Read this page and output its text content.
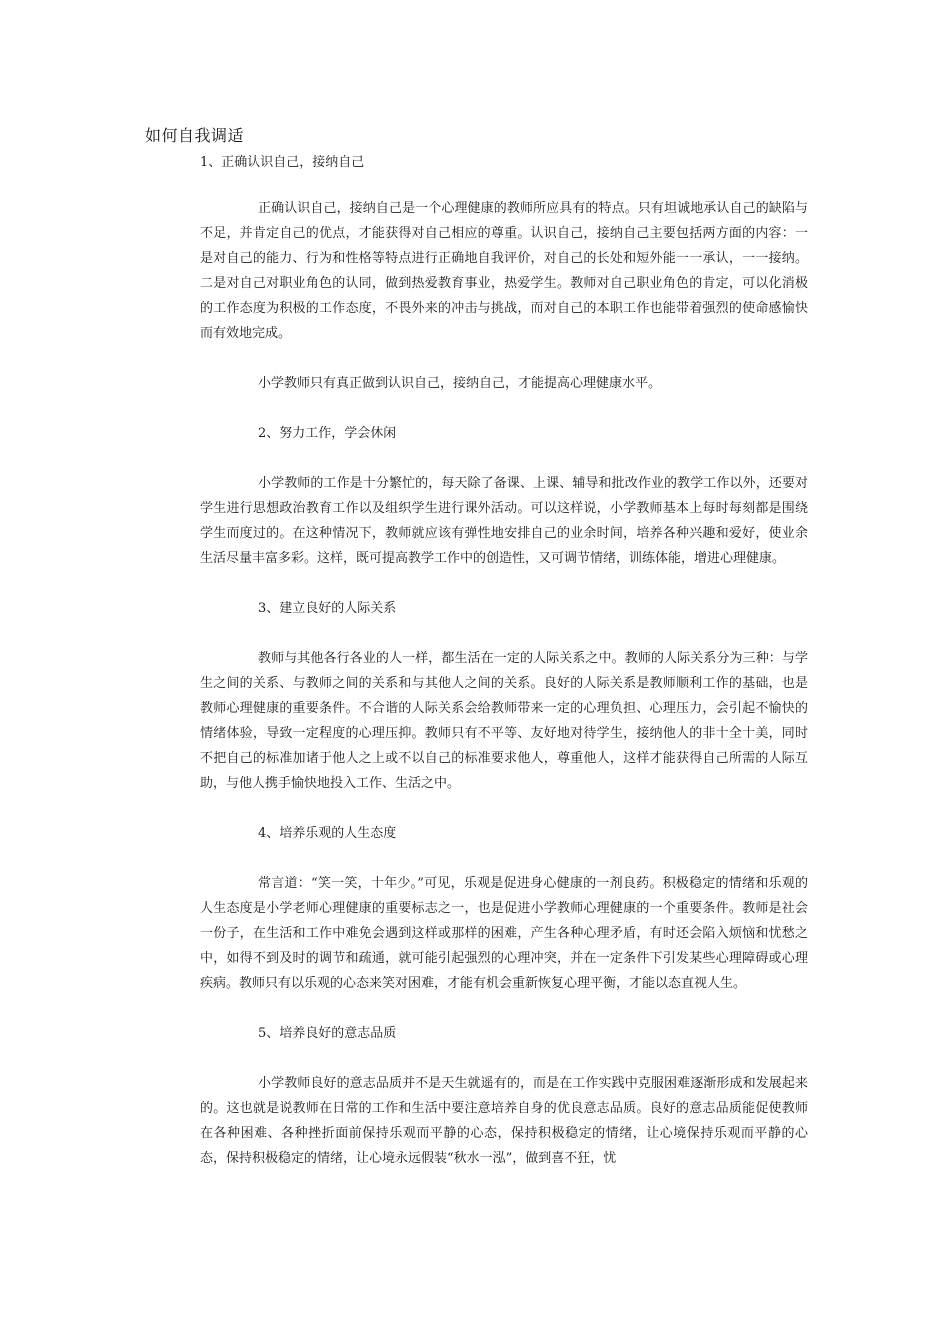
如何自我调适
1、正确认识自己，接纳自己

正确认识自己，接纳自己是一个心理健康的教师所应具有的特点。只有坦诚地承认自己的缺陷与不足，并肯定自己的优点，才能获得对自己相应的尊重。认识自己，接纳自己主要包括两方面的内容：一是对自己的能力、行为和性格等特点进行正确地自我评价，对自己的长处和短外能一一承认，一一接纳。二是对自己对职业角色的认同，做到热爱教育事业，热爱学生。教师对自己职业角色的肯定，可以化消极的工作态度为积极的工作态度，不畏外来的冲击与挑战，而对自己的本职工作也能带着强烈的使命感愉快而有效地完成。

小学教师只有真正做到认识自己，接纳自己，才能提高心理健康水平。

2、努力工作，学会休闲

小学教师的工作是十分繁忙的，每天除了备课、上课、辅导和批改作业的教学工作以外，还要对学生进行思想政治教育工作以及组织学生进行课外活动。可以这样说，小学教师基本上每时每刻都是围绕学生而度过的。在这种情况下，教师就应该有弹性地安排自己的业余时间，培养各种兴趣和爱好，使业余生活尽量丰富多彩。这样，既可提高教学工作中的创造性，又可调节情绪，训练体能，增进心理健康。

3、建立良好的人际关系

教师与其他各行各业的人一样，都生活在一定的人际关系之中。教师的人际关系分为三种：与学生之间的关系、与教师之间的关系和与其他人之间的关系。良好的人际关系是教师顺利工作的基础，也是教师心理健康的重要条件。不合谐的人际关系会给教师带来一定的心理负担、心理压力，会引起不愉快的情绪体验，导致一定程度的心理压抑。教师只有不平等、友好地对待学生，接纳他人的非十全十美，同时不把自己的标准加诸于他人之上或不以自己的标准要求他人，尊重他人，这样才能获得自己所需的人际互助，与他人携手愉快地投入工作、生活之中。

4、培养乐观的人生态度

常言道：“笑一笑，十年少。”可见，乐观是促进身心健康的一剂良药。积极稳定的情绪和乐观的人生态度是小学老师心理健康的重要标志之一，也是促进小学教师心理健康的一个重要条件。教师是社会一份子，在生活和工作中难免会遇到这样或那样的困难，产生各种心理矛盾，有时还会陷入烦恼和忧愁之中，如得不到及时的调节和疏通，就可能引起强烈的心理冲突，并在一定条件下引发某些心理障碍或心理疾病。教师只有以乐观的心态来笑对困难，才能有机会重新恢复心理平衡，才能以态直视人生。

5、培养良好的意志品质

小学教师良好的意志品质并不是天生就遥有的，而是在工作实践中克服困难逐渐形成和发展起来的。这也就是说教师在日常的工作和生活中要注意培养自身的优良意志品质。良好的意志品质能促使教师在各种困难、各种挫折面前保持乐观而平静的心态，保持积极稳定的情绪，让心境保持乐观而平静的心态，保持积极稳定的情绪，让心境永远假装“秋水一泓”，做到喜不狂，忧
